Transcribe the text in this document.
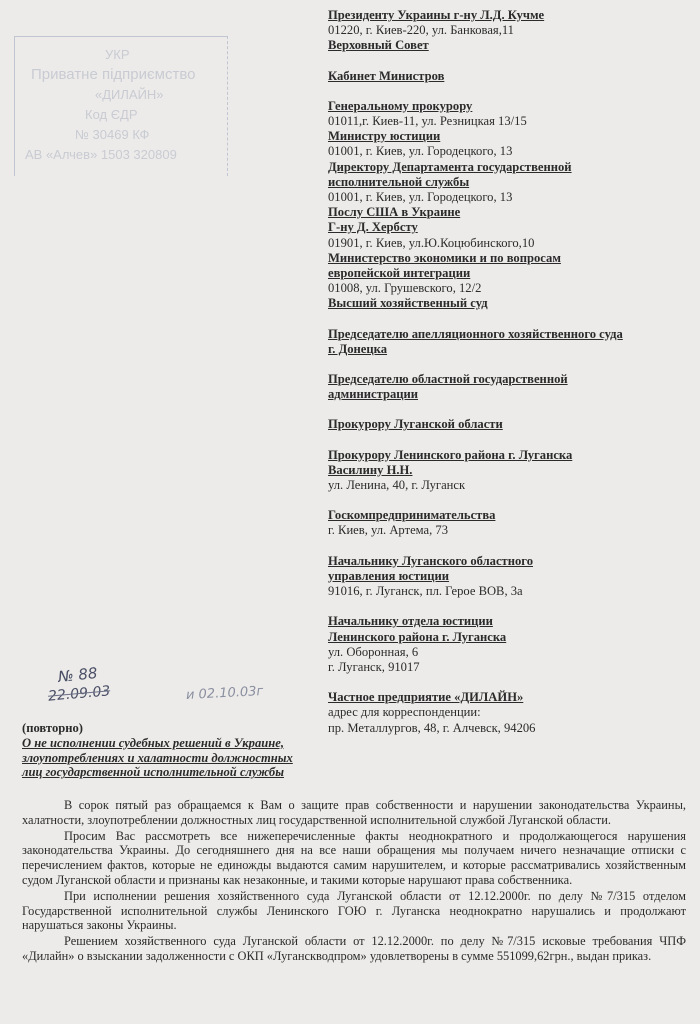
УКР
Приватне підприємство
«ДИЛАЙН»
Код ЄДР
№ 30469 КФ
АВ «Алчев» 1503 320809
Президенту Украины г-ну Л.Д. Кучме
01220, г. Киев-220, ул. Банковая,11
Верховный Совет
Кабинет Министров
Генеральному прокурору
01011,г. Киев-11, ул. Резницкая 13/15
Министру юстиции
01001, г. Киев, ул. Городецкого, 13
Директору Департамента государственной
исполнительной службы
01001, г. Киев, ул. Городецкого, 13
Послу США в Украине
Г-ну Д. Хербсту
01901, г. Киев, ул.Ю.Коцюбинского,10
Министерство экономики и по вопросам
европейской интеграции
01008, ул. Грушевского, 12/2
Высший хозяйственный суд
Председателю апелляционного хозяйственного суда
г. Донецка
Председателю областной государственной
администрации
Прокурору Луганской области
Прокурору Ленинского района г. Луганска
Василину Н.Н.
ул. Ленина, 40, г. Луганск
Госкомпредпринимательства
г. Киев, ул. Артема, 73
Начальнику Луганского областного
управления юстиции
91016, г. Луганск, пл. Герое ВОВ, 3а
Начальнику отдела юстиции
Ленинского района г. Луганска
ул. Оборонная, 6
г. Луганск, 91017
Частное предприятие «ДИЛАЙН»
адрес для корреспонденции:
пр. Металлургов, 48, г. Алчевск, 94206
№ 88
22.09.03	и 02.10.03г
(повторно)
О не исполнении судебных решений в Украине,
злоупотреблениях и халатности должностных
лиц государственной исполнительной службы

В сорок пятый раз обращаемся к Вам о защите прав собственности и нарушении законодательства Украины, халатности, злоупотреблении должностных лиц государственной исполнительной службой Луганской области.

Просим Вас рассмотреть все нижеперечисленные факты неоднократного и продолжающегося нарушения законодательства Украины. До сегодняшнего дня на все наши обращения мы получаем ничего незначащие отписки с перечислением фактов, которые не единожды выдаются самим нарушителем, и которые рассматривались хозяйственным судом Луганской области и признаны как незаконные, и такими которые нарушают права собственника.

При исполнении решения хозяйственного суда Луганской области от 12.12.2000г. по делу №7/315 отделом Государственной исполнительной службы Ленинского ГОЮ г. Луганска неоднократно нарушались и продолжают нарушаться законы Украины.

Решением хозяйственного суда Луганской области от 12.12.2000г. по делу №7/315 исковые требования ЧПФ «Дилайн» о взыскании задолженности с ОКП «Луганскводпром» удовлетворены в сумме 551099,62грн., выдан приказ.
